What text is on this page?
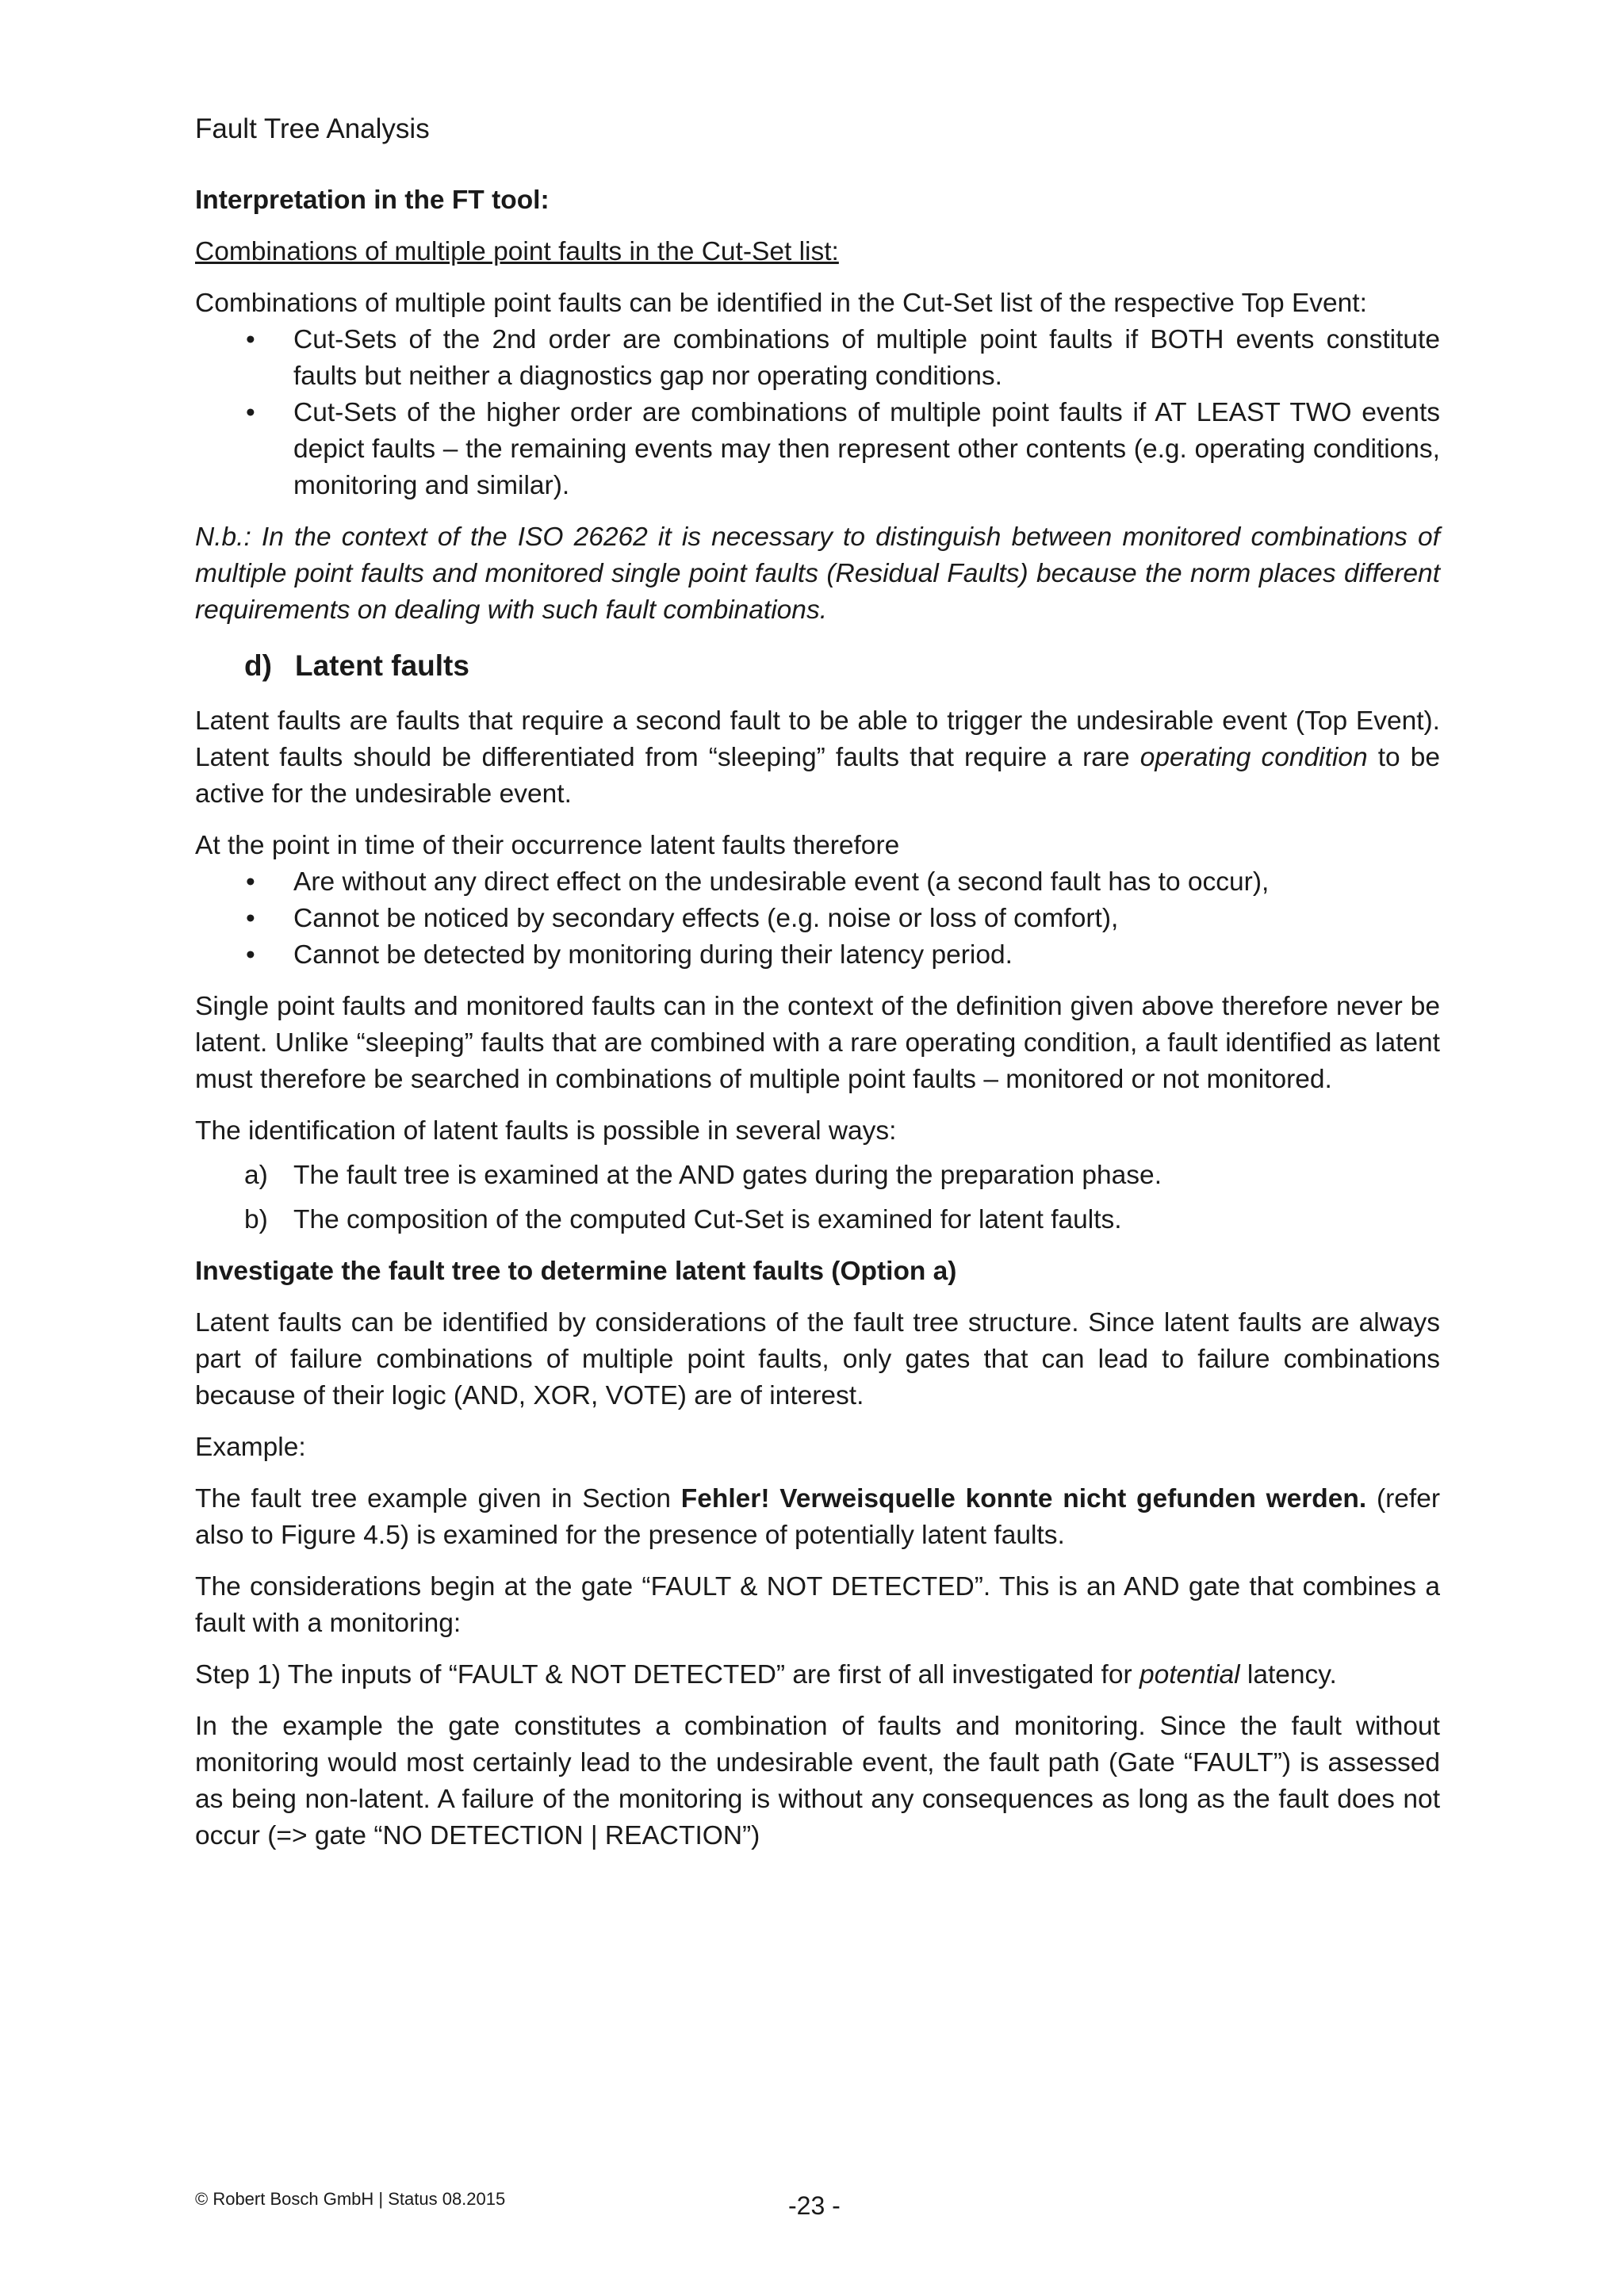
Fault Tree Analysis

Interpretation in the FT tool:

Combinations of multiple point faults in the Cut-Set list:

Combinations of multiple point faults can be identified in the Cut-Set list of the respective Top Event:

• Cut-Sets of the 2nd order are combinations of multiple point faults if BOTH events constitute faults but neither a diagnostics gap nor operating conditions.
• Cut-Sets of the higher order are combinations of multiple point faults if AT LEAST TWO events depict faults – the remaining events may then represent other contents (e.g. operating conditions, monitoring and similar).

N.b.: In the context of the ISO 26262 it is necessary to distinguish between monitored combinations of multiple point faults and monitored single point faults (Residual Faults) because the norm places different requirements on dealing with such fault combinations.

d) Latent faults

Latent faults are faults that require a second fault to be able to trigger the undesirable event (Top Event). Latent faults should be differentiated from “sleeping” faults that require a rare operating condition to be active for the undesirable event.

At the point in time of their occurrence latent faults therefore

• Are without any direct effect on the undesirable event (a second fault has to occur),
• Cannot be noticed by secondary effects (e.g. noise or loss of comfort),
• Cannot be detected by monitoring during their latency period.

Single point faults and monitored faults can in the context of the definition given above therefore never be latent. Unlike “sleeping” faults that are combined with a rare operating condition, a fault identified as latent must therefore be searched in combinations of multiple point faults – monitored or not monitored.

The identification of latent faults is possible in several ways:

a) The fault tree is examined at the AND gates during the preparation phase.
b) The composition of the computed Cut-Set is examined for latent faults.

Investigate the fault tree to determine latent faults (Option a)

Latent faults can be identified by considerations of the fault tree structure. Since latent faults are always part of failure combinations of multiple point faults, only gates that can lead to failure combinations because of their logic (AND, XOR, VOTE) are of interest.

Example:

The fault tree example given in Section Fehler! Verweisquelle konnte nicht gefunden werden. (refer also to Figure 4.5) is examined for the presence of potentially latent faults.

The considerations begin at the gate “FAULT & NOT DETECTED”. This is an AND gate that combines a fault with a monitoring:

Step 1) The inputs of “FAULT & NOT DETECTED” are first of all investigated for potential latency.

In the example the gate constitutes a combination of faults and monitoring. Since the fault without monitoring would most certainly lead to the undesirable event, the fault path (Gate “FAULT”) is assessed as being non-latent. A failure of the monitoring is without any consequences as long as the fault does not occur (=> gate “NO DETECTION | REACTION”)

© Robert Bosch GmbH | Status 08.2015	-23 -
